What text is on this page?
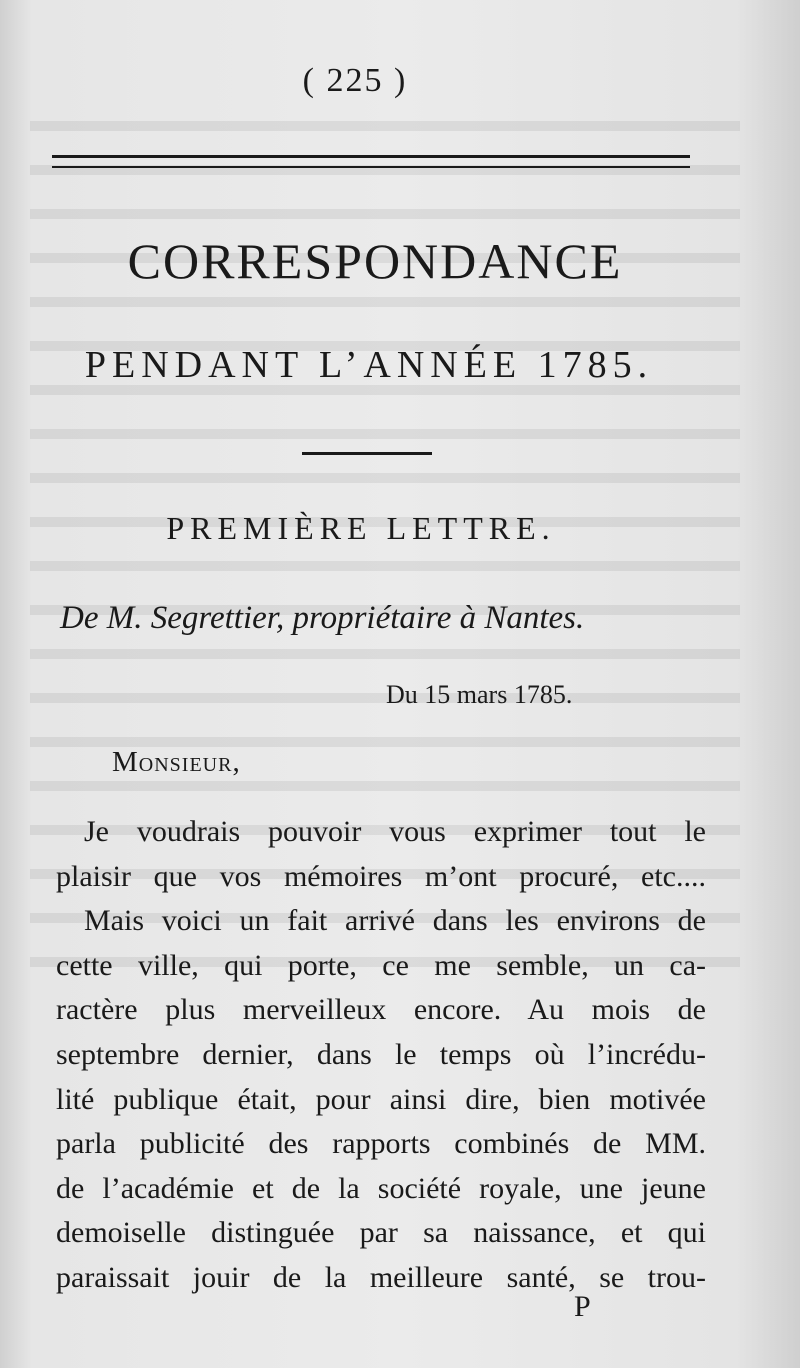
( 225 )
CORRESPONDANCE
PENDANT L’ANNÉE 1785.
PREMIÈRE LETTRE.
De M. Segrettier, propriétaire à Nantes.
Du 15 mars 1785.
Monsieur,
Je voudrais pouvoir vous exprimer tout le
plaisir que vos mémoires m’ont procuré, etc....
Mais voici un fait arrivé dans les environs de
cette ville, qui porte, ce me semble, un ca-
ractère plus merveilleux encore. Au mois de
septembre dernier, dans le temps où l’incrédu-
lité publique était, pour ainsi dire, bien motivée
parla publicité des rapports combinés de MM.
de l’académie et de la société royale, une jeune
demoiselle distinguée par sa naissance, et qui
paraissait jouir de la meilleure santé, se trou-
P
